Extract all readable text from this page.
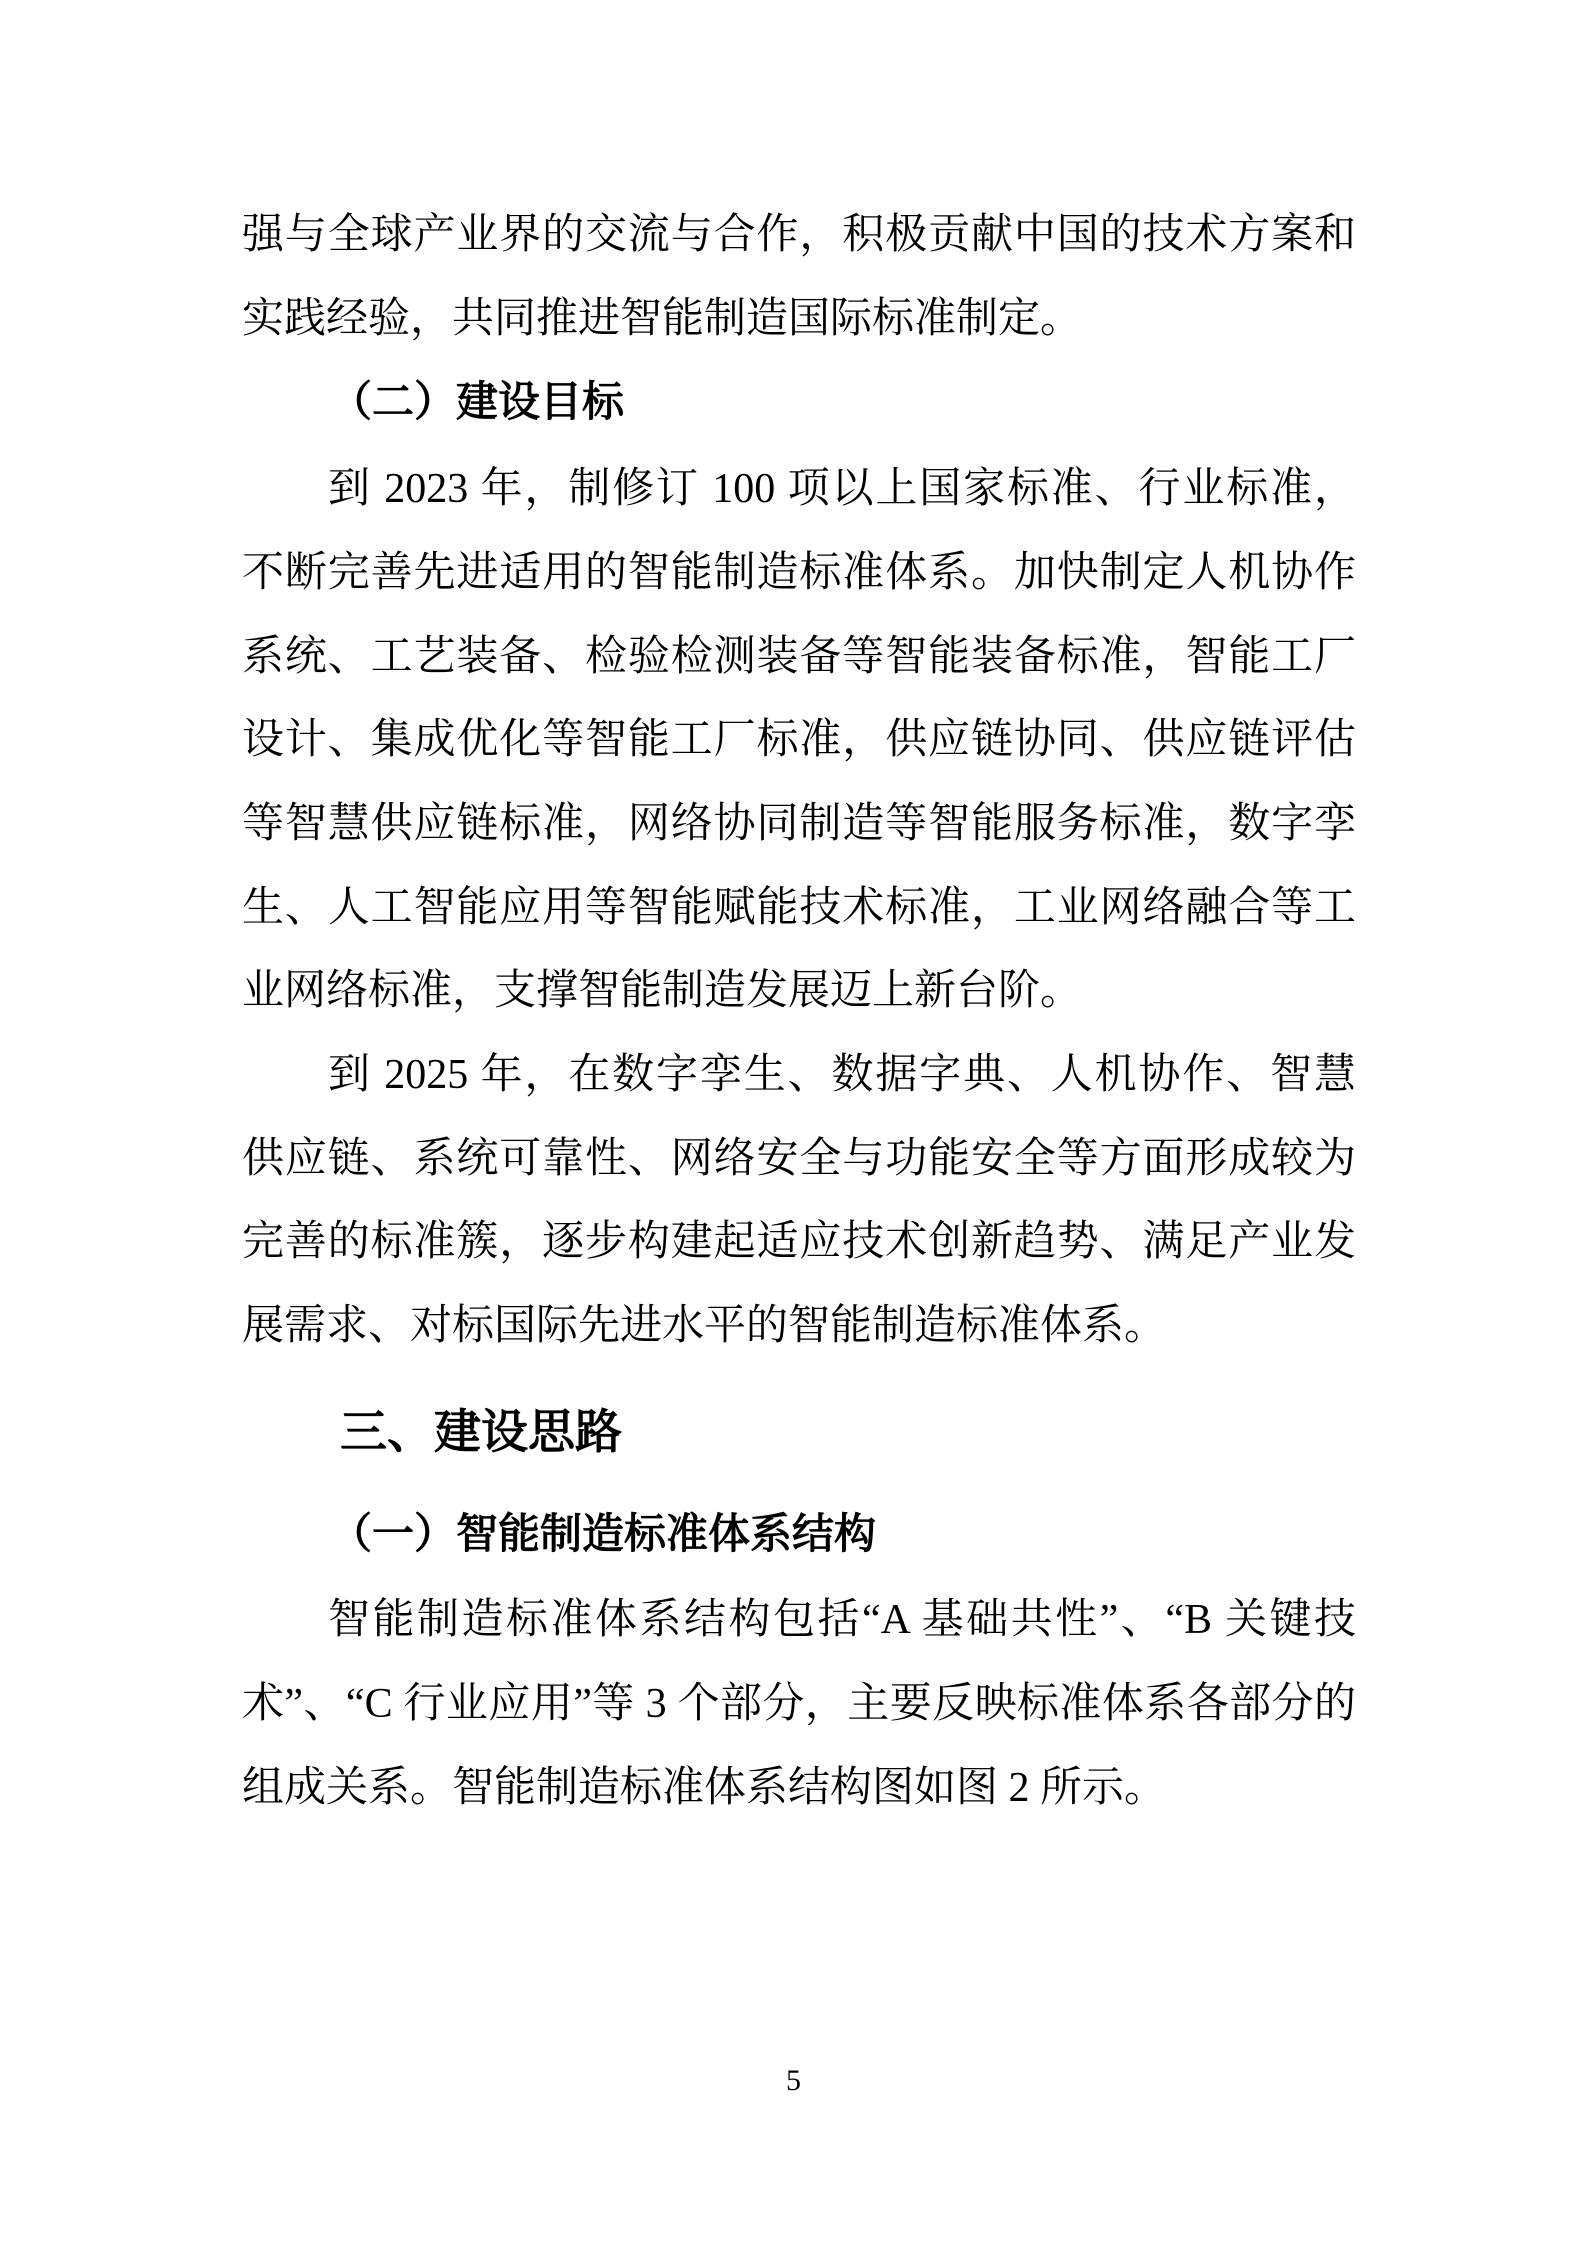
强与全球产业界的交流与合作，积极贡献中国的技术方案和
实践经验，共同推进智能制造国际标准制定。
（二）建设目标
到 2023 年，制修订 100 项以上国家标准、行业标准，
不断完善先进适用的智能制造标准体系。加快制定人机协作
系统、工艺装备、检验检测装备等智能装备标准，智能工厂
设计、集成优化等智能工厂标准，供应链协同、供应链评估
等智慧供应链标准，网络协同制造等智能服务标准，数字孪
生、人工智能应用等智能赋能技术标准，工业网络融合等工
业网络标准，支撑智能制造发展迈上新台阶。
到 2025 年，在数字孪生、数据字典、人机协作、智慧
供应链、系统可靠性、网络安全与功能安全等方面形成较为
完善的标准簇，逐步构建起适应技术创新趋势、满足产业发
展需求、对标国际先进水平的智能制造标准体系。
三、建设思路
（一）智能制造标准体系结构
智能制造标准体系结构包括“A 基础共性”、“B 关键技
术”、“C 行业应用”等 3 个部分，主要反映标准体系各部分的
组成关系。智能制造标准体系结构图如图 2 所示。
5
